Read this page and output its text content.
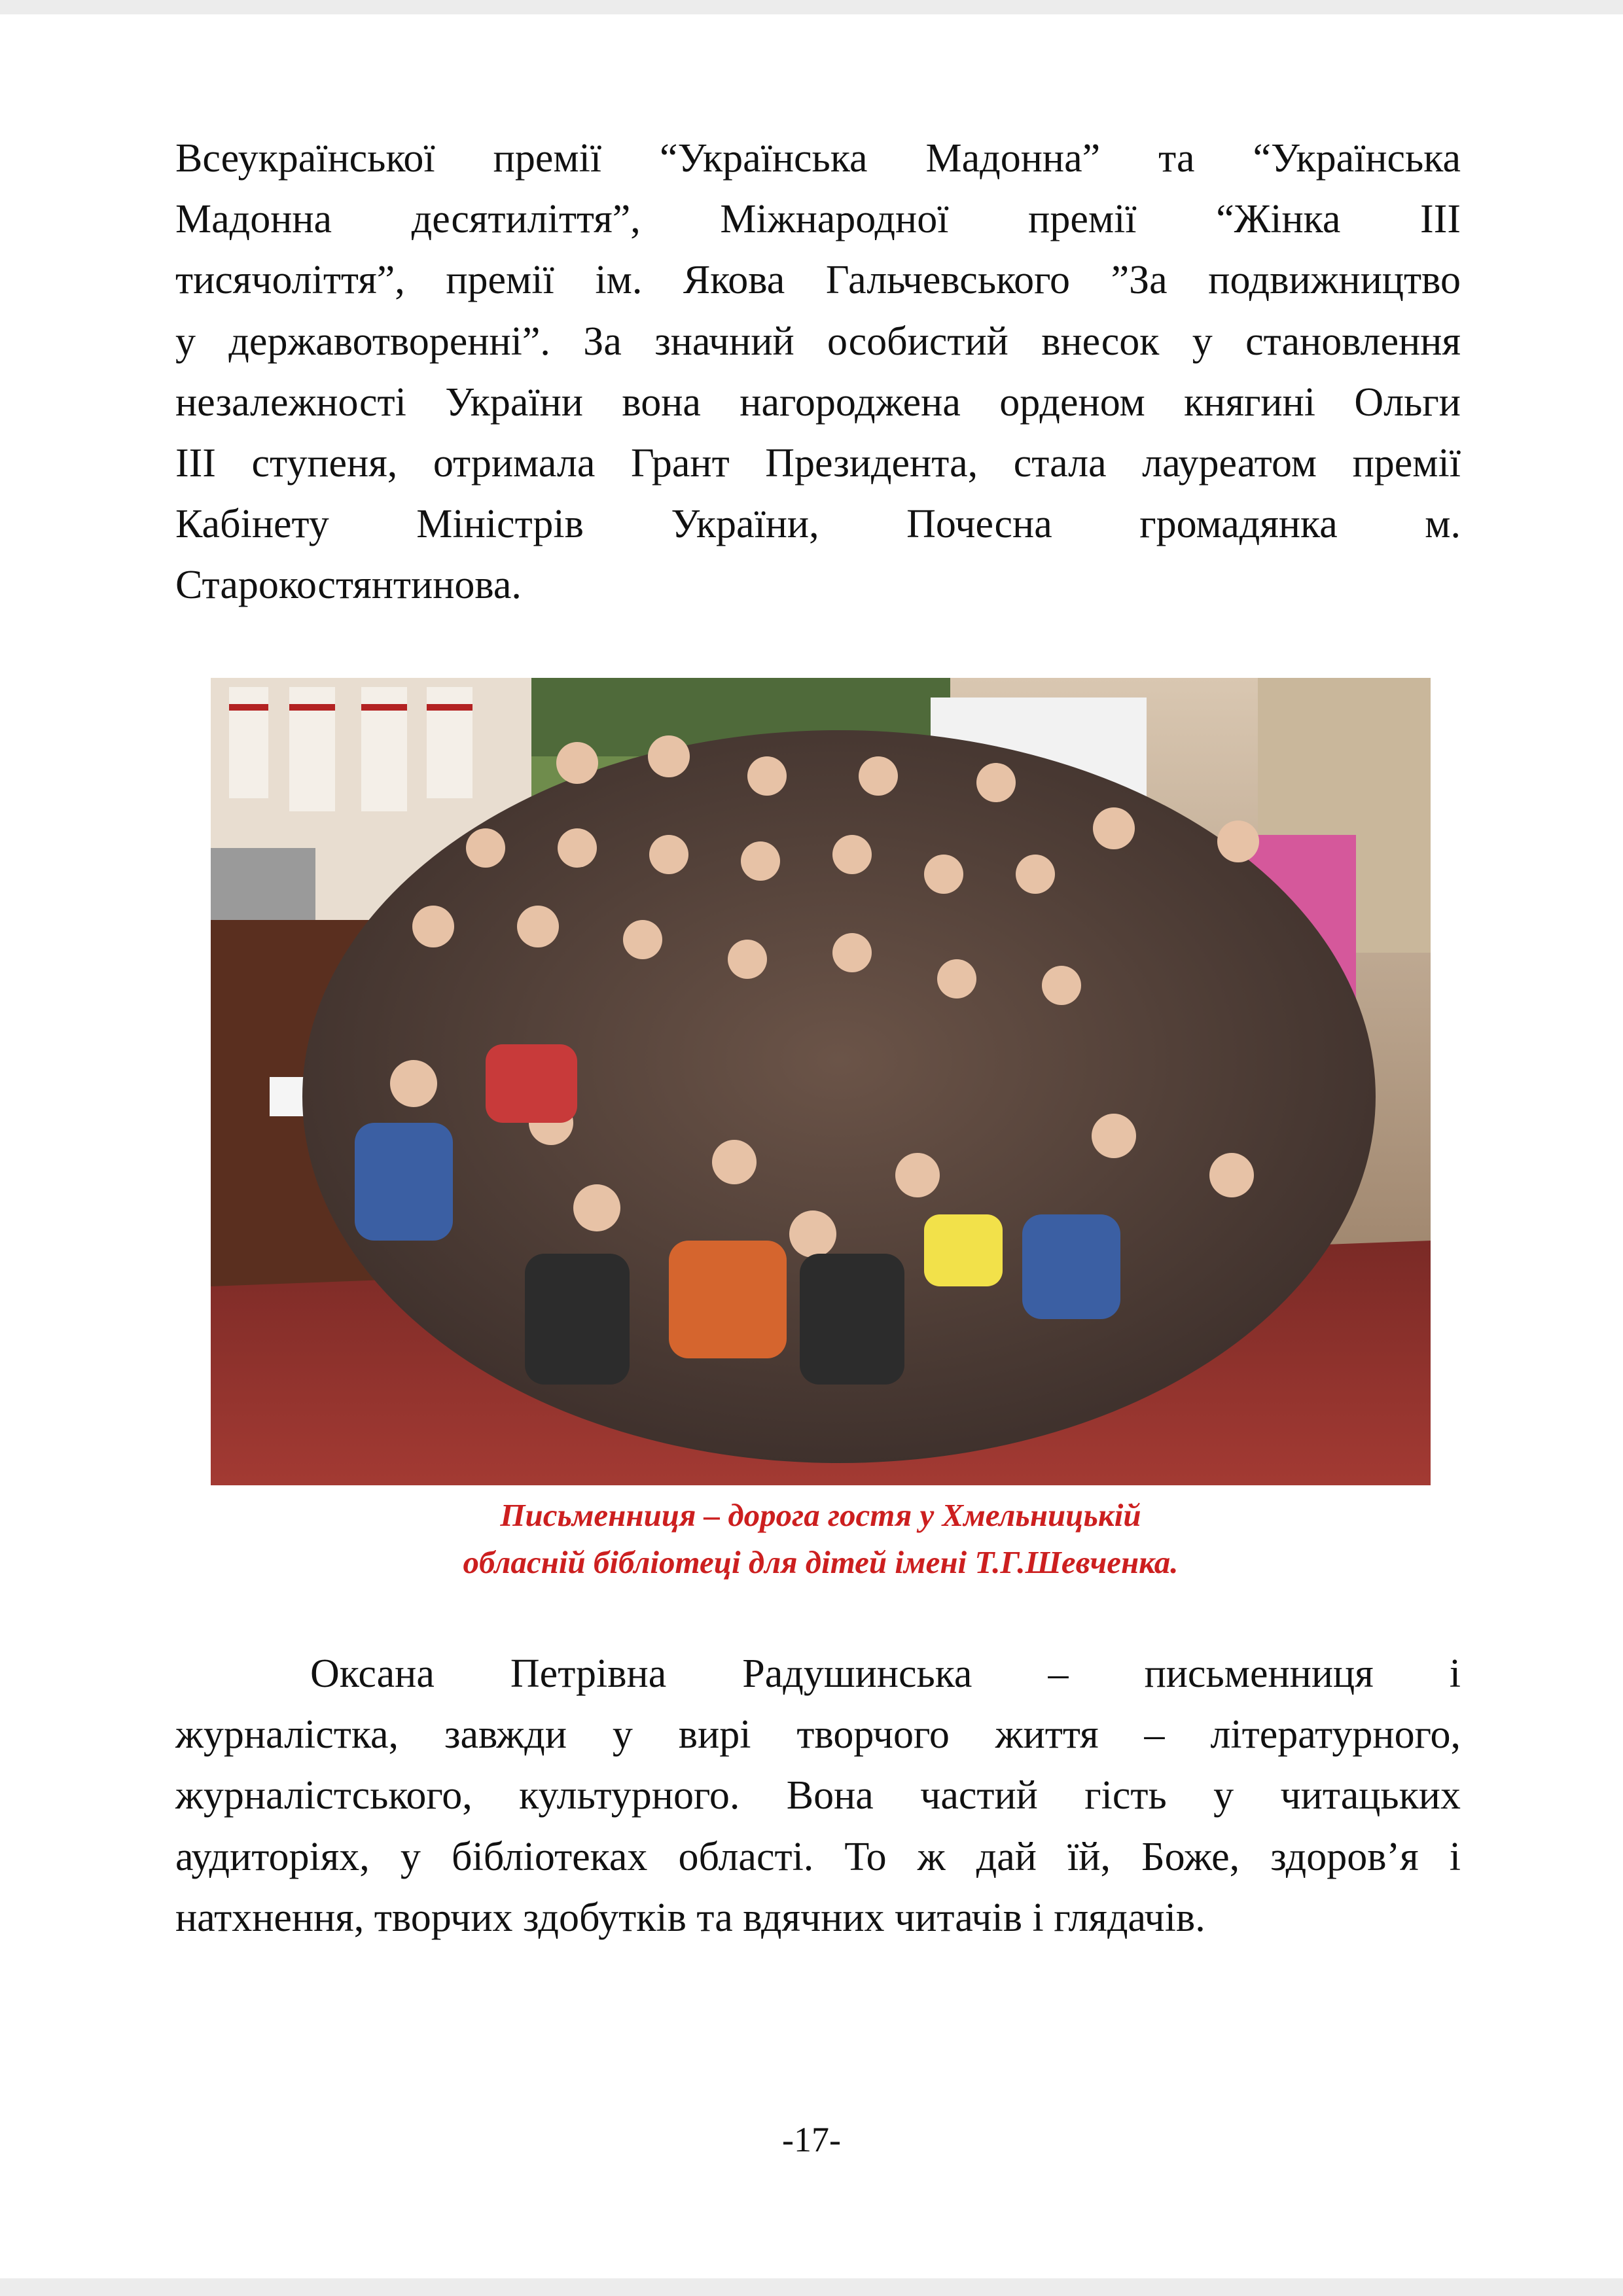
Всеукраїнської премії “Українська Мадонна” та “Українська
Мадонна десятиліття”, Міжнародної премії “Жінка ІІІ
тисячоліття”, премії ім. Якова Гальчевського ”За подвижництво
у державотворенні”. За значний особистий внесок у становлення
незалежності України вона нагороджена орденом княгині Ольги
ІІІ ступеня, отримала Грант Президента, стала лауреатом премії
Кабінету Міністрів України, Почесна громадянка м.
Старокостянтинова.
Письменниця – дорога гостя у Хмельницькій
обласній бібліотеці для дітей імені Т.Г.Шевченка.
Оксана Петрівна Радушинська – письменниця і
журналістка, завжди у вирі творчого життя – літературного,
журналістського, культурного. Вона частий гість у читацьких
аудиторіях, у бібліотеках області. То ж дай їй, Боже, здоров’я і
натхнення, творчих здобутків та вдячних читачів і глядачів.
-17-
